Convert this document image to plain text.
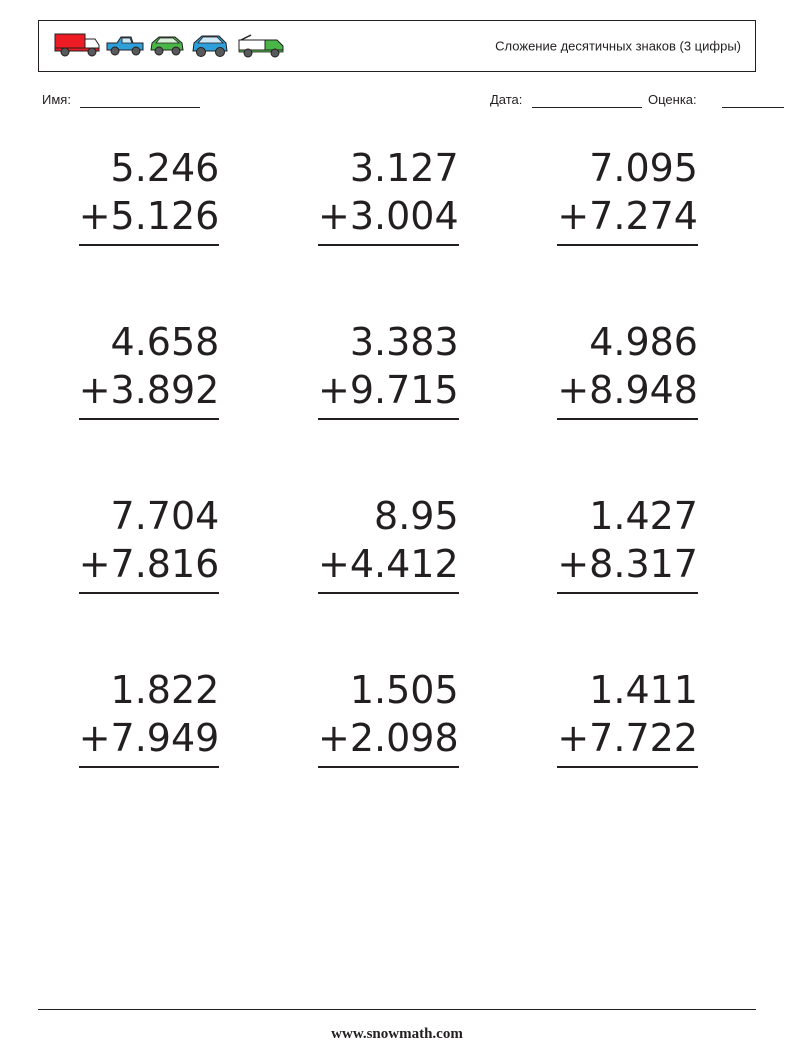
Сложение десятичных знаков (3 цифры)
Имя:	Дата:	Оценка:
5.246
+5.126
3.127
+3.004
7.095
+7.274
4.658
+3.892
3.383
+9.715
4.986
+8.948
7.704
+7.816
8.95
+4.412
1.427
+8.317
1.822
+7.949
1.505
+2.098
1.411
+7.722
www.snowmath.com
